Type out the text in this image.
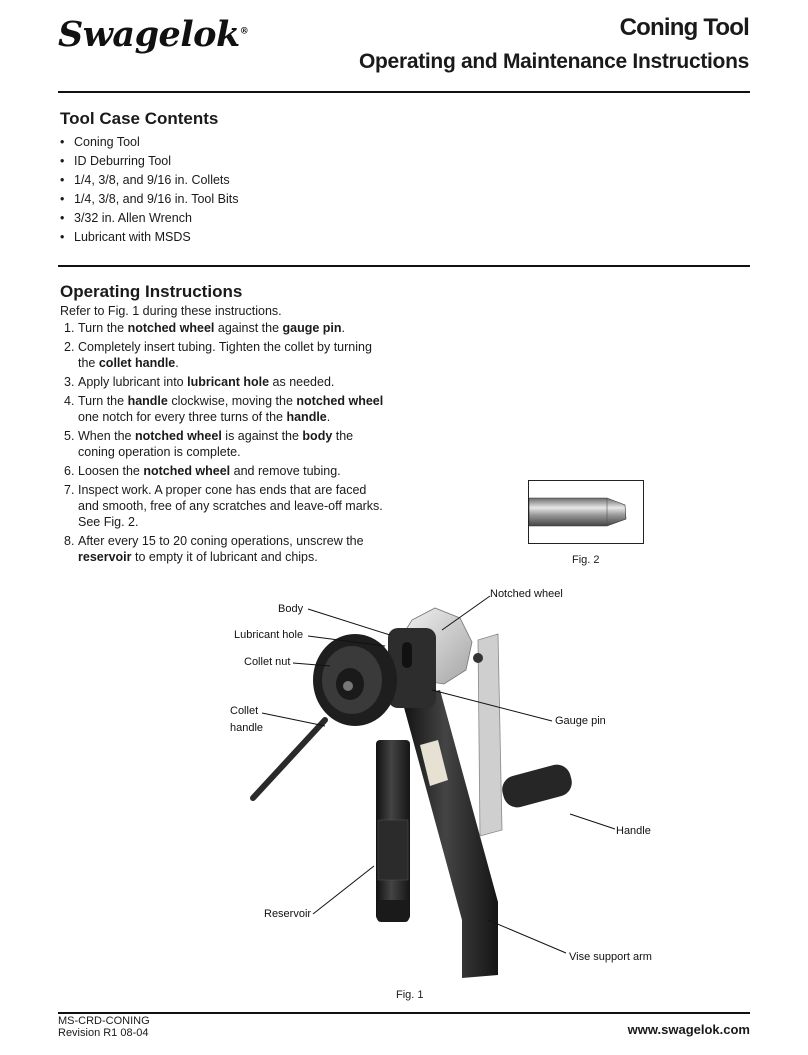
Swagelok®	Coning Tool
Operating and Maintenance Instructions
Tool Case Contents
• Coning Tool
• ID Deburring Tool
• 1/4, 3/8, and 9/16 in. Collets
• 1/4, 3/8, and 9/16 in. Tool Bits
• 3/32 in. Allen Wrench
• Lubricant with MSDS
Operating Instructions
Refer to Fig. 1 during these instructions.
1. Turn the notched wheel against the gauge pin.
2. Completely insert tubing. Tighten the collet by turning the collet handle.
3. Apply lubricant into lubricant hole as needed.
4. Turn the handle clockwise, moving the notched wheel one notch for every three turns of the handle.
5. When the notched wheel is against the body the coning operation is complete.
6. Loosen the notched wheel and remove tubing.
7. Inspect work. A proper cone has ends that are faced and smooth, free of any scratches and leave-off marks. See Fig. 2.
8. After every 15 to 20 coning operations, unscrew the reservoir to empty it of lubricant and chips.	Fig. 2
Body
Lubricant hole
Collet nut
Collet
handle
Notched wheel
Gauge pin
Handle
Reservoir
Vise support arm
Fig. 1
MS-CRD-CONING
Revision R1 08-04	www.swagelok.com
